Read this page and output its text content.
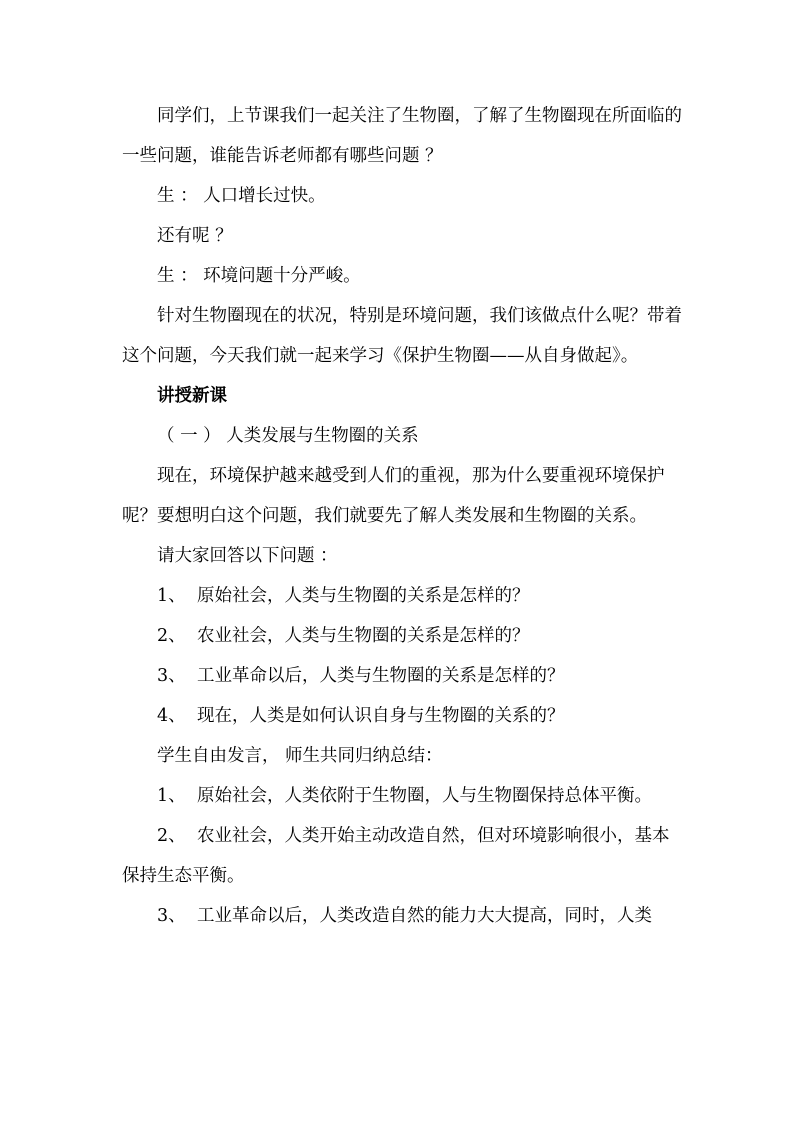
同学们，上节课我们一起关注了生物圈，了解了生物圈现在所面临的一些问题，谁能告诉老师都有哪些问题 ？

生 ： 人口增长过快。

还有呢 ？

生 ： 环境问题十分严峻。

针对生物圈现在的状况，特别是环境问题，我们该做点什么呢？带着这个问题，今天我们就一起来学习《保护生物圈——从自身做起》。

讲授新课

（ 一 ） 人类发展与生物圈的关系

现在，环境保护越来越受到人们的重视，那为什么要重视环境保护呢？要想明白这个问题，我们就要先了解人类发展和生物圈的关系。

请大家回答以下问题 ：

1、 原始社会，人类与生物圈的关系是怎样的？

2、 农业社会，人类与生物圈的关系是怎样的？

3、 工业革命以后，人类与生物圈的关系是怎样的？

4、 现在，人类是如何认识自身与生物圈的关系的？

学生自由发言， 师生共同归纳总结：

1、 原始社会，人类依附于生物圈，人与生物圈保持总体平衡。

2、 农业社会，人类开始主动改造自然，但对环境影响很小，基本保持生态平衡。

3、 工业革命以后，人类改造自然的能力大大提高，同时，人类
